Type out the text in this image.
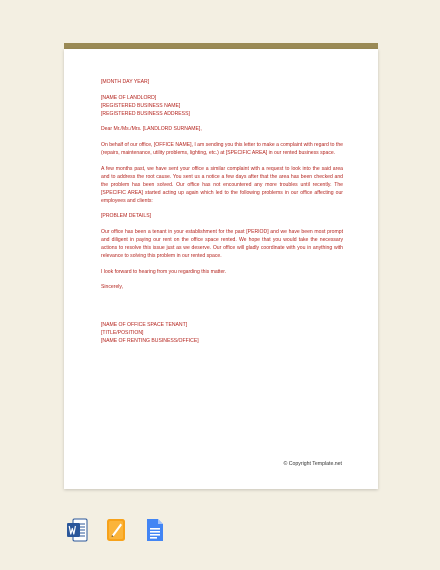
[MONTH DAY YEAR]

[NAME OF LANDLORD]
[REGISTERED BUSINESS NAME]
[REGISTERED BUSINESS ADDRESS]

Dear Mr./Ms./Mrs. [LANDLORD SURNAME],

On behalf of our office, [OFFICE NAME], I am sending you this letter to make a complaint with regard to the (repairs, maintenance, utility problems, lighting, etc.) at [SPECIFIC AREA] in our rented business space.

A few months past, we have sent your office a similar complaint with a request to look into the said area and to address the root cause. You sent us a notice a few days after that the area has been checked and the problem has been solved. Our office has not encountered any more troubles until recently. The [SPECIFIC AREA] started acting up again which led to the following problems in our office affecting our employees and clients:

[PROBLEM DETAILS]

Our office has been a tenant in your establishment for the past [PERIOD] and we have been most prompt and diligent in paying our rent on the office space rented. We hope that you would take the necessary actions to resolve this issue just as we deserve. Our office will gladly coordinate with you in anything with relevance to solving this problem in our rented space.

I look forward to hearing from you regarding this matter.

Sincerely,

[NAME OF OFFICE SPACE TENANT]
[TITLE/POSITION]
[NAME OF RENTING BUSINESS/OFFICE]
© Copyright Template.net
